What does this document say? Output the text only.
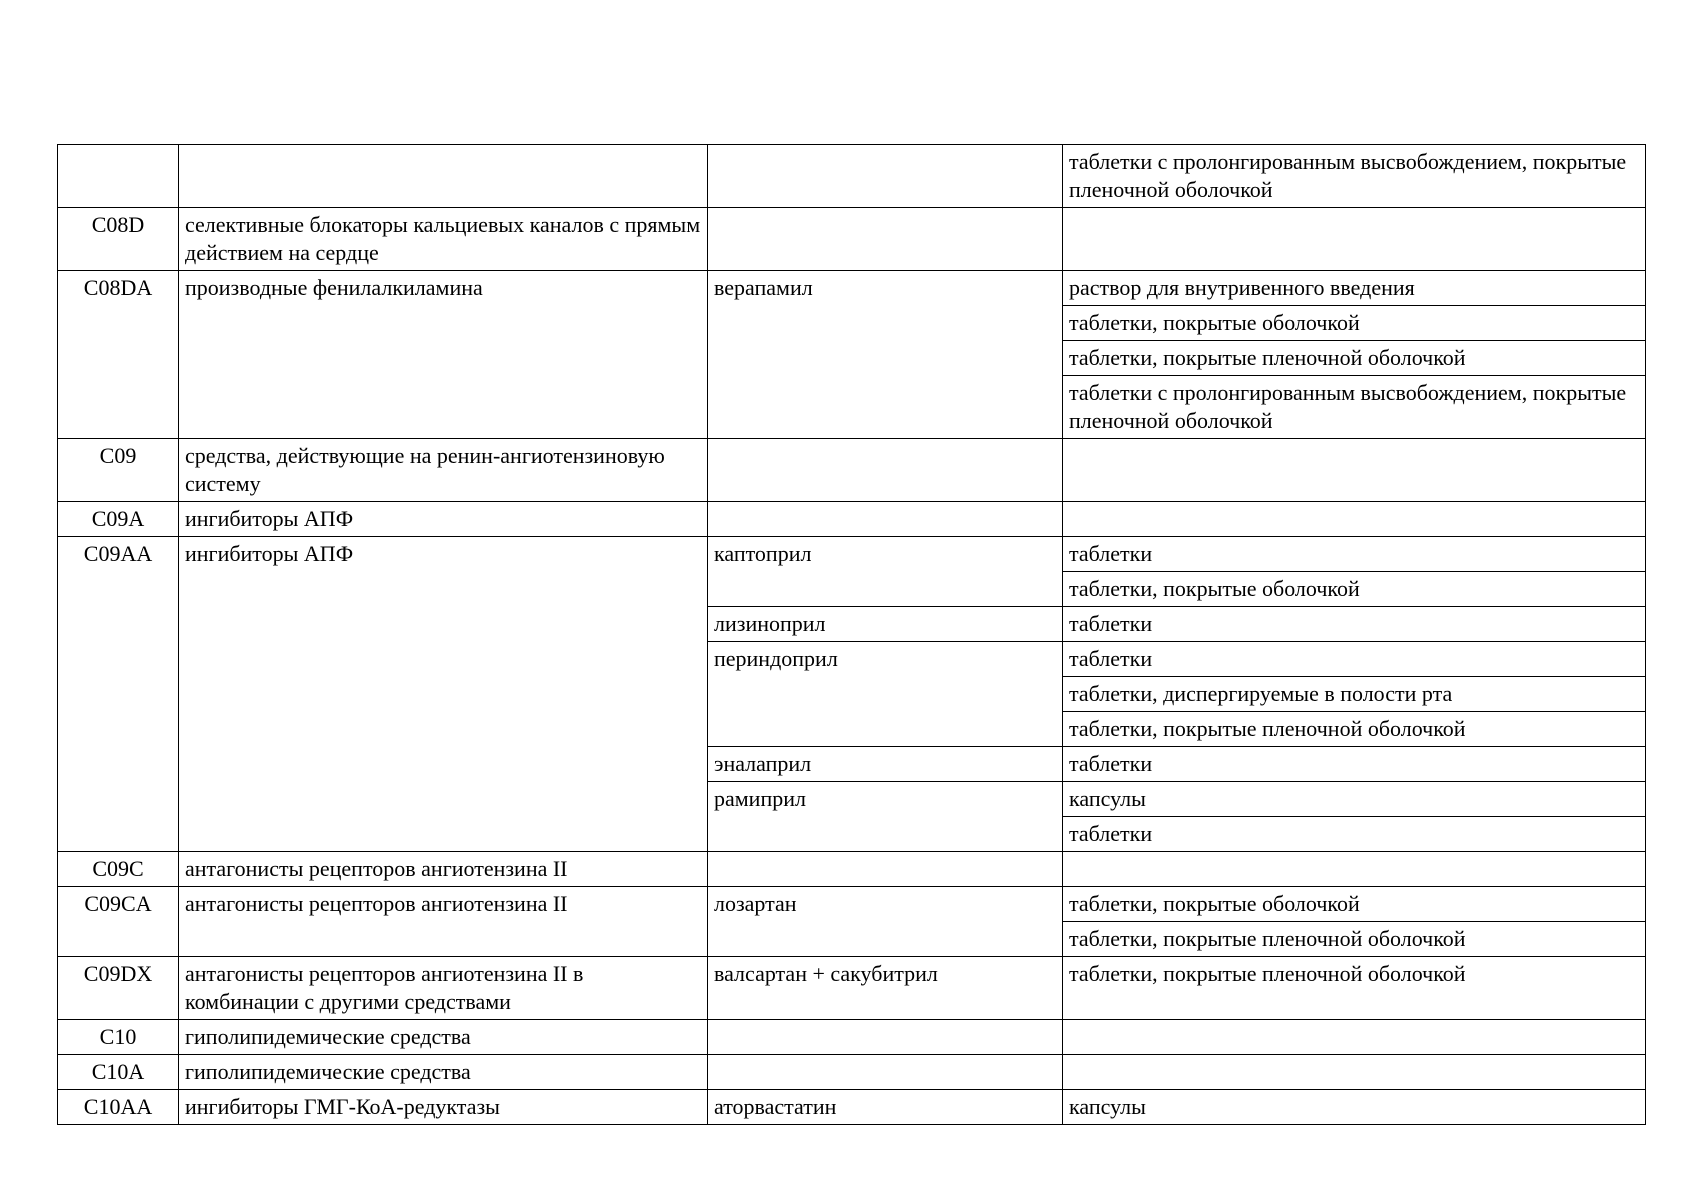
			таблетки с пролонгированным высвобождением, покрытые пленочной оболочкой
C08D	селективные блокаторы кальциевых каналов с прямым действием на сердце		
C08DA	производные фенилалкиламина	верапамил	раствор для внутривенного введения
			таблетки, покрытые оболочкой
			таблетки, покрытые пленочной оболочкой
			таблетки с пролонгированным высвобождением, покрытые пленочной оболочкой
C09	средства, действующие на ренин-ангиотензиновую систему		
C09A	ингибиторы АПФ		
C09AA	ингибиторы АПФ	каптоприл	таблетки
			таблетки, покрытые оболочкой
		лизиноприл	таблетки
		периндоприл	таблетки
			таблетки, диспергируемые в полости рта
			таблетки, покрытые пленочной оболочкой
		эналаприл	таблетки
		рамиприл	капсулы
			таблетки
C09C	антагонисты рецепторов ангиотензина II		
C09CA	антагонисты рецепторов ангиотензина II	лозартан	таблетки, покрытые оболочкой
			таблетки, покрытые пленочной оболочкой
C09DX	антагонисты рецепторов ангиотензина II в комбинации с другими средствами	валсартан + сакубитрил	таблетки, покрытые пленочной оболочкой
C10	гиполипидемические средства		
C10A	гиполипидемические средства		
C10AA	ингибиторы ГМГ-КоА-редуктазы	аторвастатин	капсулы
